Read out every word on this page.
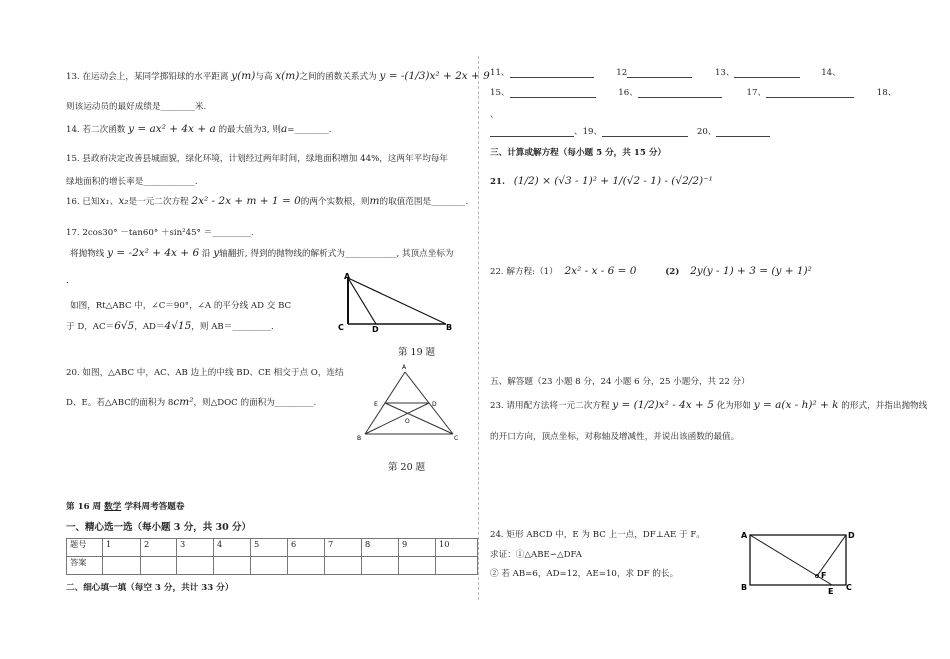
13. 在运动会上，某同学掷铅球的水平距离 y(m)与高 x(m)之间的函数关系式为 y = -(1/3)x² + 2x + 9
则该运动员的最好成绩是________米.
14. 若二次函数 y = ax² + 4x + a 的最大值为3, 则a=________.
15. 县政府决定改善县城面貌，绿化环境，计划经过两年时间，绿地面积增加 44%，这两年平均每年
绿地面积的增长率是____________.
16. 已知x₁、x₂是一元二次方程 2x² - 2x + m + 1 = 0的两个实数根，则m的取值范围是________.
17. 2cos30° －tan60° ＋sin²45° ＝_________.
将抛物线 y = -2x² + 4x + 6 沿 y轴翻折, 得到的抛物线的解析式为____________, 其顶点坐标为
.
如图，Rt△ABC 中，∠C＝90°，∠A 的平分线 AD 交 BC
于 D，AC＝6√5，AD＝4√15，则 AB＝_________.
A
C	D	B
第 19 题
20. 如图，△ABC 中，AC、AB 边上的中线 BD、CE 相交于点 O，连结
D、E。若△ABC的面积为 8cm²，则△DOC 的面积为_________.
A
E	D
O
B	C
第 20 题
第 16 周 数学 学科周考答题卷
一、精心选一选（每小题 3 分，共 30 分）
题号	1	2	3	4	5	6	7	8	9	10
答案										
二、细心填一填（每空 3 分，共计 33 分）
11、	12	13、	14、
15、	16、	17、	18、
、
、19、	20、
三、计算或解方程（每小题 5 分，共 15 分）
21. (1/2) × (√3 - 1)² + 1/(√2 - 1) - (√2/2)⁻¹
22. 解方程:（1） 2x² - x - 6 = 0	(2) 2y(y - 1) + 3 = (y + 1)²
五、解答题（23 小题 8 分，24 小题 6 分，25 小题分，共 22 分）
23. 请用配方法将一元二次方程 y = (1/2)x² - 4x + 5 化为形如 y = a(x - h)² + k 的形式，并指出抛物线
的开口方向，顶点坐标，对称轴及增减性，并说出该函数的最值。
24. 矩形 ABCD 中，E 为 BC 上一点，DF⊥AE 于 F。
求证：①△ABE∽△DFA
② 若 AB=6，AD=12，AE=10，求 DF 的长。
A	D
B	C
E
F
